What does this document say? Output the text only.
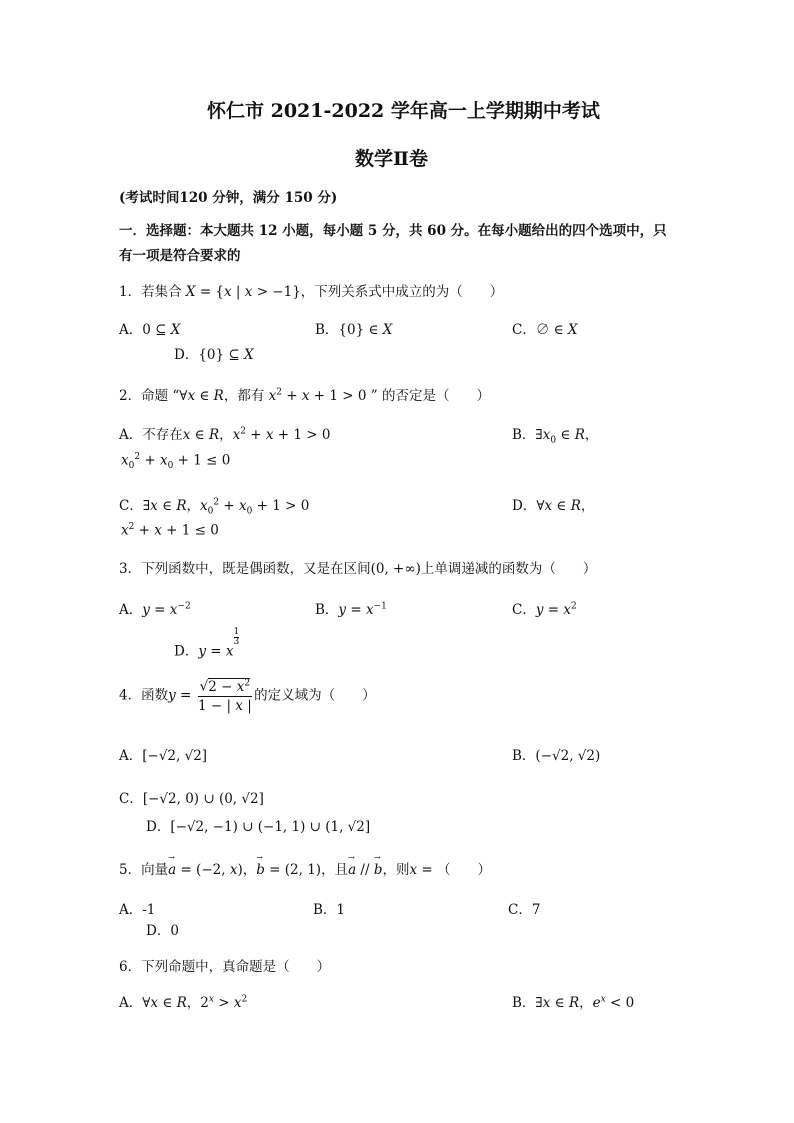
怀仁市 2021-2022 学年高一上学期期中考试
数学Ⅱ卷
(考试时间120 分钟，满分 150 分)
一．选择题：本大题共 12 小题，每小题 5 分，共 60 分。在每小题给出的四个选项中，只
有一项是符合要求的
1．若集合 X = {x | x > −1}，下列关系式中成立的为（　　）
A．0 ⊆ X	B．{0} ∈ X	C．∅ ∈ X
D．{0} ⊆ X
2．命题 “∀x ∈ R，都有 $x^2 + x + 1 > 0$ ” 的否定是（　　）
A．不存在x ∈ R，$x^2 + x + 1 > 0$	B．$\exists x_0$ ∈ R，
$x_0^2 + x_0 + 1 \le 0$
C．∃x ∈ R，$x_0^2 + x_0 + 1 > 0$	D．∀x ∈ R，
$x^2 + x + 1 \le 0$
3．下列函数中，既是偶函数，又是在区间(0, +∞)上单调递减的函数为（　　）
A．$y = x^{-2}$	B．$y = x^{-1}$	C．$y = x^2$
D．y = x
$^{\frac{1}{3}}$
4．函数$y = \frac{√2 - x^2}{1 - | x |}$ 的定义域为（　　）
A．[−√2, √2]	B．(−√2, √2)
C．[−√2, 0) ∪ (0, √2]
D．[−√2, −1) ∪ (−1, 1) ∪ (1, √2]
5．向量→ a = (−2, x)，→ b = (2, 1)，且→ a // → b，则x = （　　）
A．-1	B．1	C．7
D．0
6．下列命题中，真命题是（　　）
A．∀x ∈ R，$2^x > x^2$	B．∃x ∈ R，$e^x < 0$
